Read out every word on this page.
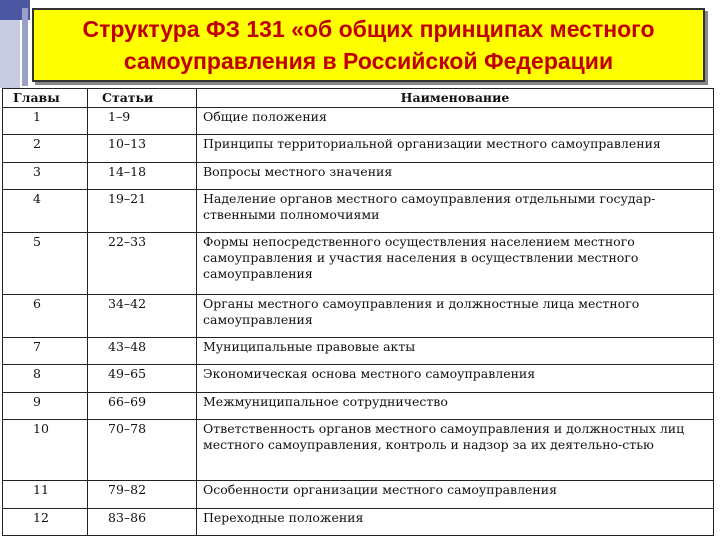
Структура ФЗ 131 «об общих принципах местного самоуправления в Российской Федерации
Главы	Статьи	Наименование
1	1–9	Общие положения
2	10–13	Принципы территориальной организации местного самоуправления
3	14–18	Вопросы местного значения
4	19–21	Наделение органов местного самоуправления отдельными государ-ственными полномочиями
5	22–33	Формы непосредственного осуществления населением местного самоуправления и участия населения в осуществлении местного самоуправления
6	34–42	Органы местного самоуправления и должностные лица местного самоуправления
7	43–48	Муниципальные правовые акты
8	49–65	Экономическая основа местного самоуправления
9	66–69	Межмуниципальное сотрудничество
10	70–78	Ответственность органов местного самоуправления и должностных лиц местного самоуправления, контроль и надзор за их деятельно-стью
11	79–82	Особенности организации местного самоуправления
12	83–86	Переходные положения
